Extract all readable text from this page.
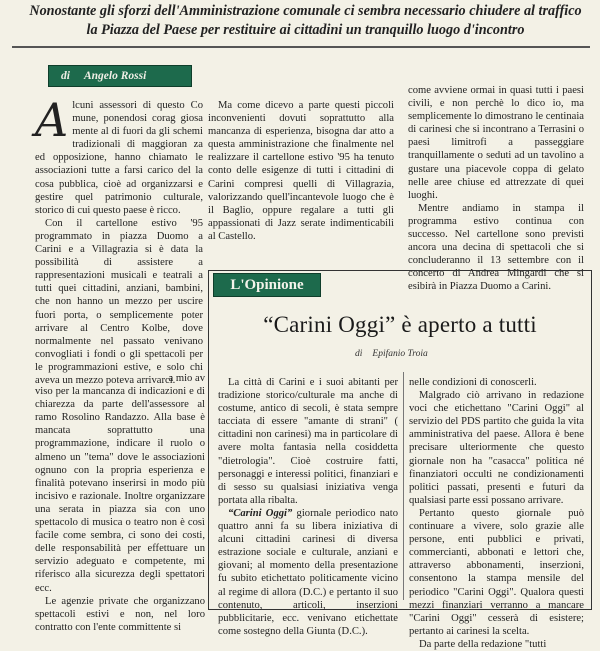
Nonostante gli sforzi dell'Amministrazione comunale ci sembra necessario chiudere al traffico la Piazza del Paese per restituire ai cittadini un tranquillo luogo d'incontro
di Angelo Rossi

Alcuni assessori di questo Co mune, ponendosi corag giosa mente al di fuori da gli schemi tradizionali di maggioran za ed opposizione, hanno chiamato le associazioni tutte a farsi carico del la cosa pubblica, cioè ad organizzarsi e gestire quel patrimonio culturale, storico di cui questo paese è ricco.

Con il cartellone estivo '95 programmato in piazza Duomo a Carini e a Villagrazia si è data la possibilità di assistere a rappresentazioni musicali e teatrali a tutti quei cittadini, anziani, bambini, che non hanno un mezzo per uscire fuori porta, o semplicemente poter arrivare al Centro Kolbe, dove normalmente nel passato venivano convogliati i fondi o gli spettacoli per le programmazioni estive, e solo chi aveva un mezzo poteva arrivarci.

a mio av

viso per la mancanza di indicazioni e di chiarezza da parte dell'assessore al ramo Rosolino Randazzo. Alla base è mancata soprattutto una programmazione, indicare il ruolo o almeno un "tema" dove le associazioni ognuno con la propria esperienza e finalità potevano inserirsi in modo più incisivo e razionale. Inoltre organizzare una serata in piazza sia con uno spettacolo di musica o teatro non è così facile come sembra, ci sono dei costi, delle responsabilità per effettuare un servizio adeguato e competente, mi riferisco alla sicurezza degli spettatori ecc.

Le agenzie private che organizzano spettacoli estivi e non, nel loro contratto con l'ente committente si

Ma come dicevo a parte questi piccoli inconvenienti dovuti soprattutto alla mancanza di esperienza, bisogna dar atto a questa amministrazione che finalmente nel realizzare il cartellone estivo '95 ha tenuto conto delle esigenze di tutti i cittadini di Carini compresi quelli di Villagrazia, valorizzando quell'incantevole luogo che è il Baglio, oppure regalare a tutti gli appassionati di Jazz serate indimenticabili al Castello.

come avviene ormai in quasi tutti i paesi civili, e non perchè lo dico io, ma semplicemente lo dimostrano le centinaia di carinesi che si incontrano a Terrasini o paesi limitrofi a passeggiare tranquillamente o seduti ad un tavolino a gustare una piacevole coppa di gelato nelle aree chiuse ed attrezzate di quei luoghi.

Mentre andiamo in stampa il programma estivo continua con successo. Nel cartellone sono previsti ancora una decina di spettacoli che si concluderanno il 13 settembre con il concerto di Andrea Mingardi che si esibirà in Piazza Duomo a Carini.

L'Opinione
“Carini Oggi” è aperto a tutti
di Epifanio Troia

La città di Carini e i suoi abitanti per tradizione storico/culturale ma anche di costume, antico di secoli, è stata sempre tacciata di essere "amante di strani" ( cittadini non carinesi) ma in particolare di avere molta fantasia nella cosiddetta "dietrologia". Cioè costruire fatti, personaggi e interessi politici, finanziari e di sesso su qualsiasi iniziativa venga portata alla ribalta.

“Carini Oggi” giornale periodico nato quattro anni fa su libera iniziativa di alcuni cittadini carinesi di diversa estrazione sociale e culturale, anziani e giovani; al momento della presentazione fu subito etichettato politicamente vicino al regime di allora (D.C.) e pertanto il suo contenuto, articoli, inserzioni pubblicitarie, ecc. venivano etichettate come sostegno della Giunta (D.C.).

nelle condizioni di conoscerli.

Malgrado ciò arrivano in redazione voci che etichettano "Carini Oggi" al servizio del PDS partito che guida la vita amministrativa del paese. Allora è bene precisare ulteriormente che questo giornale non ha "casacca" politica né finanziatori occulti ne condizionamenti politici passati, presenti e futuri da qualsiasi parte essi possano arrivare.

Pertanto questo giornale può continuare a vivere, solo grazie alle persone, enti pubblici e privati, commercianti, abbonati e lettori che, attraverso abbonamenti, inserzioni, consentono la stampa mensile del periodico "Carini Oggi". Qualora questi mezzi finanziari verranno a mancare "Carini Oggi" cesserà di esistere; pertanto ai carinesi la scelta.

Da parte della redazione "tutti
